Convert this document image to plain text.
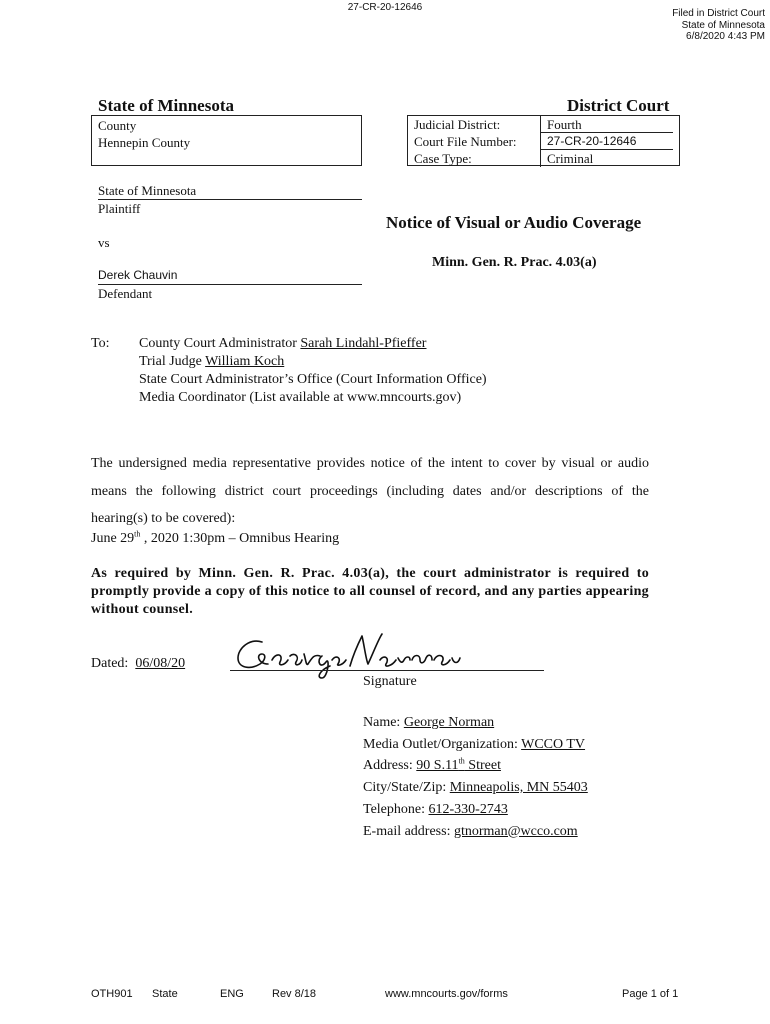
27-CR-20-12646
Filed in District Court
State of Minnesota
6/8/2020 4:43 PM
State of Minnesota	District Court
County
Hennepin County
Judicial District:	Fourth
Court File Number:	27-CR-20-12646
Case Type:	Criminal
State of Minnesota
Plaintiff
vs
Derek Chauvin
Defendant
Notice of Visual or Audio Coverage
Minn. Gen. R. Prac. 4.03(a)
To: County Court Administrator Sarah Lindahl-Pfieffer
Trial Judge William Koch
State Court Administrator’s Office (Court Information Office)
Media Coordinator (List available at www.mncourts.gov)
The undersigned media representative provides notice of the intent to cover by visual or audio means the following district court proceedings (including dates and/or descriptions of the hearing(s) to be covered):
June 29th , 2020 1:30pm – Omnibus Hearing
As required by Minn. Gen. R. Prac. 4.03(a), the court administrator is required to promptly provide a copy of this notice to all counsel of record, and any parties appearing without counsel.
Dated: 06/08/20
Signature
Name: George Norman
Media Outlet/Organization: WCCO TV
Address: 90 S.11th Street
City/State/Zip: Minneapolis, MN 55403
Telephone: 612-330-2743
E-mail address: gtnorman@wcco.com
OTH901 State	ENG	Rev 8/18	www.mncourts.gov/forms	Page 1 of 1
